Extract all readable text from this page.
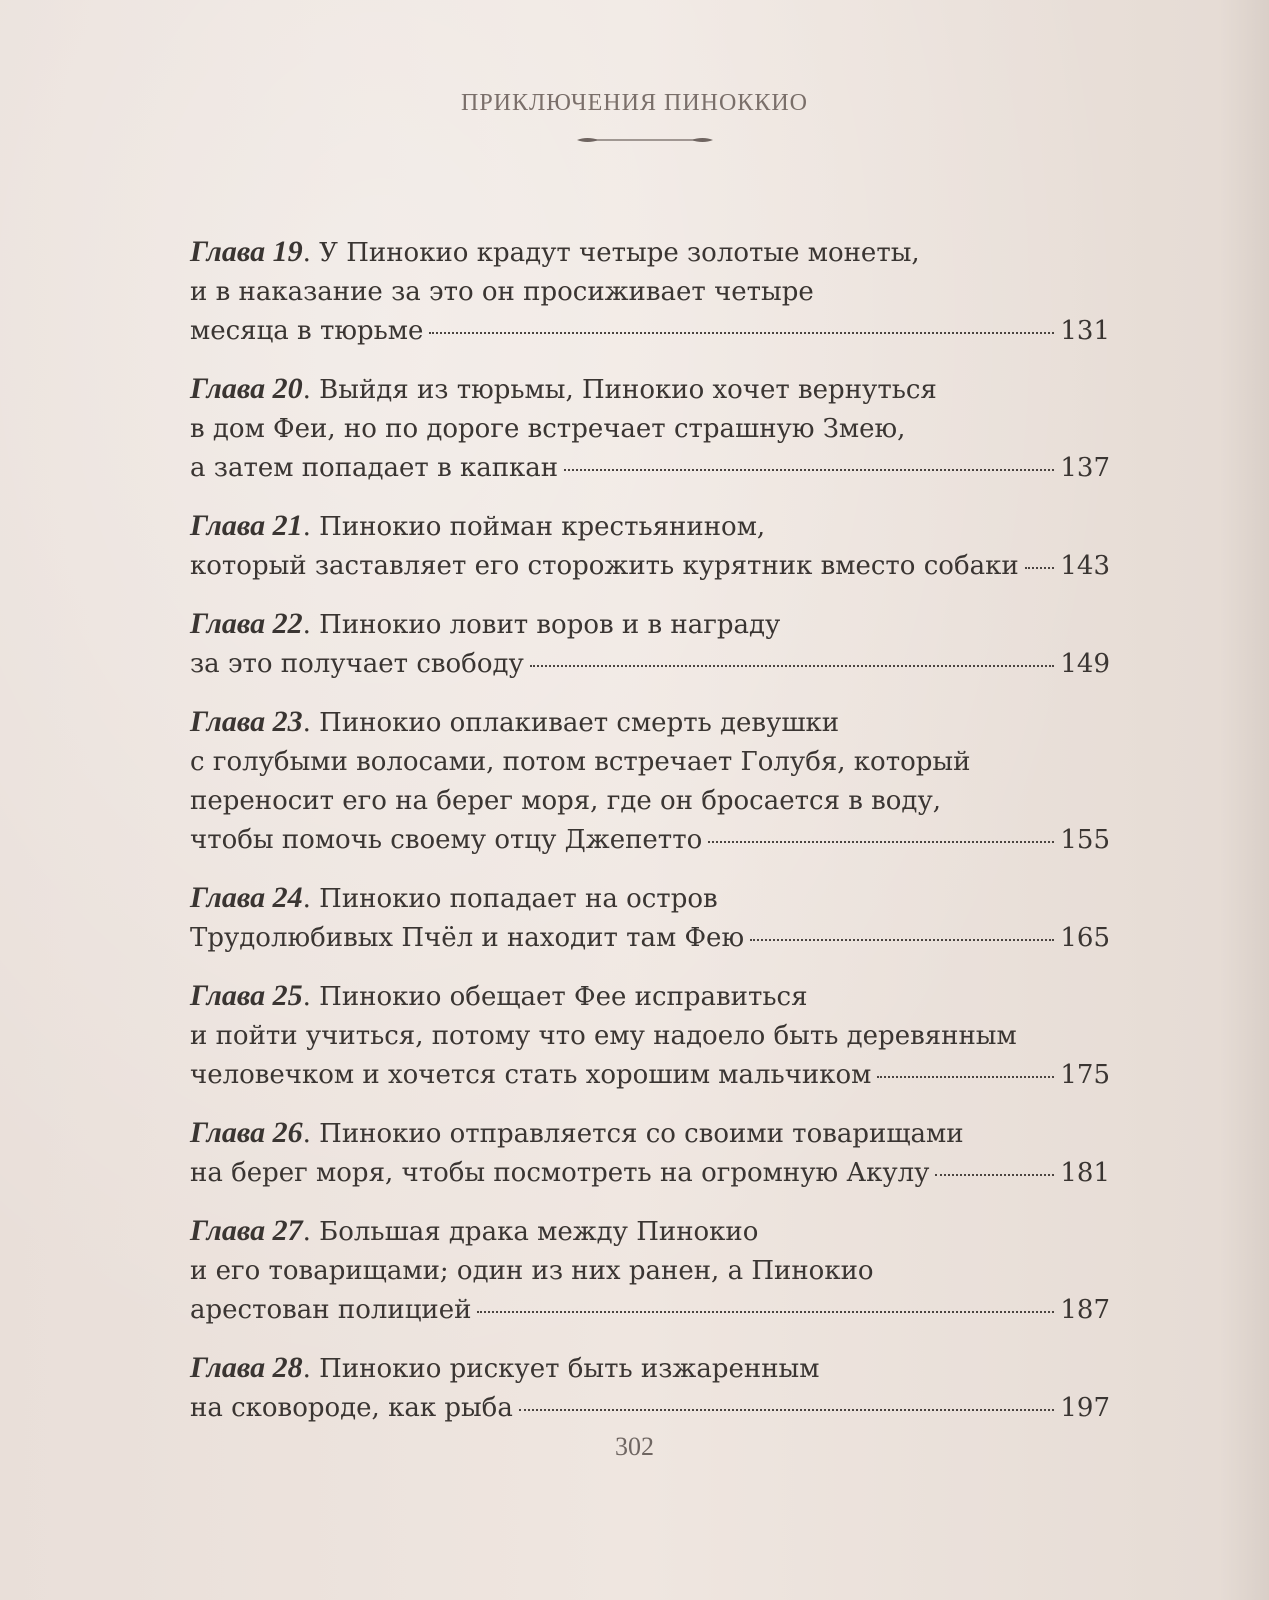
ПРИКЛЮЧЕНИЯ ПИНОККИО
Глава 19. У Пинокио крадут четыре золотые монеты,
и в наказание за это он просиживает четыре
месяца в тюрьме	131
Глава 20. Выйдя из тюрьмы, Пинокио хочет вернуться
в дом Феи, но по дороге встречает страшную Змею,
а затем попадает в капкан	137
Глава 21. Пинокио пойман крестьянином,
который заставляет его сторожить курятник вместо собаки 143
Глава 22. Пинокио ловит воров и в награду
за это получает свободу	149
Глава 23. Пинокио оплакивает смерть девушки
с голубыми волосами, потом встречает Голубя, который
переносит его на берег моря, где он бросается в воду,
чтобы помочь своему отцу Джепетто	155
Глава 24. Пинокио попадает на остров
Трудолюбивых Пчёл и находит там Фею	165
Глава 25. Пинокио обещает Фее исправиться
и пойти учиться, потому что ему надоело быть деревянным
человечком и хочется стать хорошим мальчиком	175
Глава 26. Пинокио отправляется со своими товарищами
на берег моря, чтобы посмотреть на огромную Акулу	181
Глава 27. Большая драка между Пинокио
и его товарищами; один из них ранен, а Пинокио
арестован полицией	187
Глава 28. Пинокио рискует быть изжаренным
на сковороде, как рыба	197
302
